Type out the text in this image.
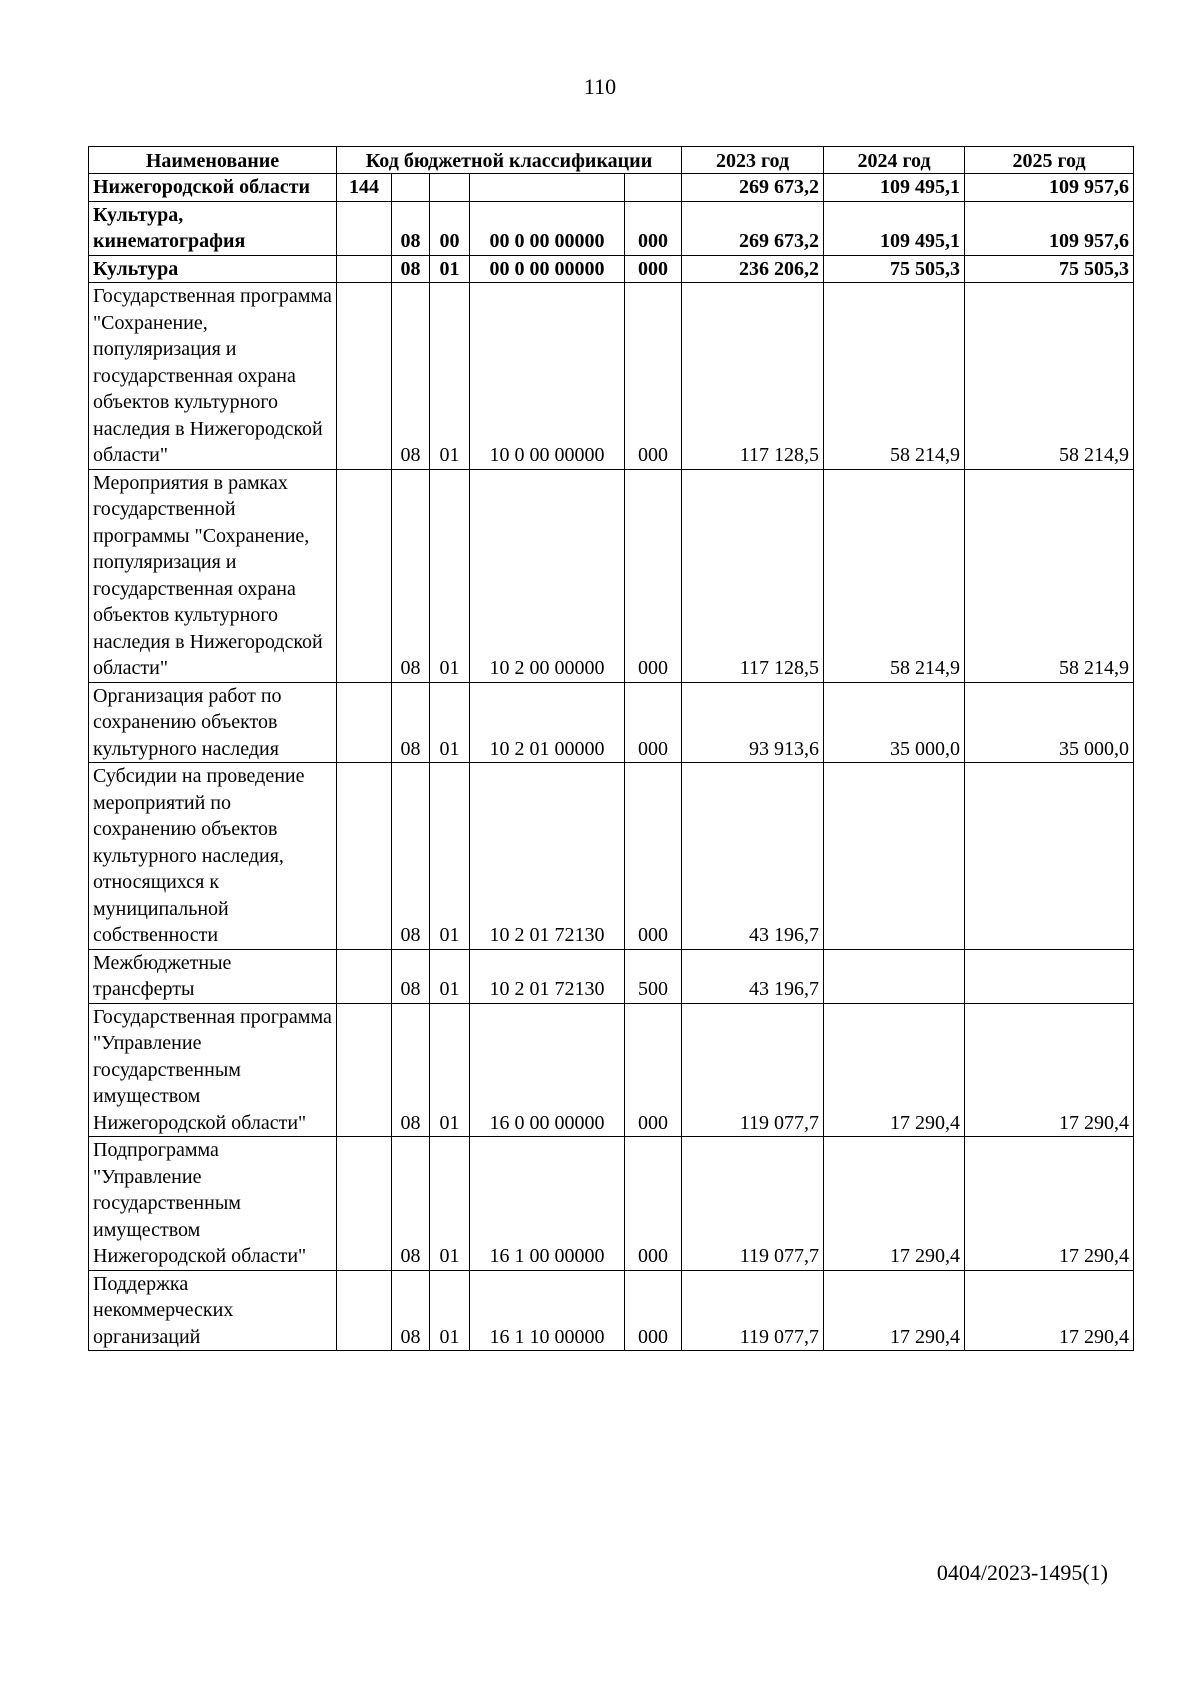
110
Наименование	Код бюджетной классификации					2023 год	2024 год	2025 год
Нижегородской области	144					269 673,2	109 495,1	109 957,6
Культура, кинематография		08	00	00 0 00 00000	000	269 673,2	109 495,1	109 957,6
Культура		08	01	00 0 00 00000	000	236 206,2	75 505,3	75 505,3
Государственная программа "Сохранение, популяризация и государственная охрана объектов культурного наследия в Нижегородской области"		08	01	10 0 00 00000	000	117 128,5	58 214,9	58 214,9
Мероприятия в рамках государственной программы "Сохранение, популяризация и государственная охрана объектов культурного наследия в Нижегородской области"		08	01	10 2 00 00000	000	117 128,5	58 214,9	58 214,9
Организация работ по сохранению объектов культурного наследия		08	01	10 2 01 00000	000	93 913,6	35 000,0	35 000,0
Субсидии на проведение мероприятий по сохранению объектов культурного наследия, относящихся к муниципальной собственности		08	01	10 2 01 72130	000	43 196,7		
Межбюджетные трансферты		08	01	10 2 01 72130	500	43 196,7		
Государственная программа "Управление государственным имуществом Нижегородской области"		08	01	16 0 00 00000	000	119 077,7	17 290,4	17 290,4
Подпрограмма "Управление государственным имуществом Нижегородской области"		08	01	16 1 00 00000	000	119 077,7	17 290,4	17 290,4
Поддержка некоммерческих организаций		08	01	16 1 10 00000	000	119 077,7	17 290,4	17 290,4
0404/2023-1495(1)
